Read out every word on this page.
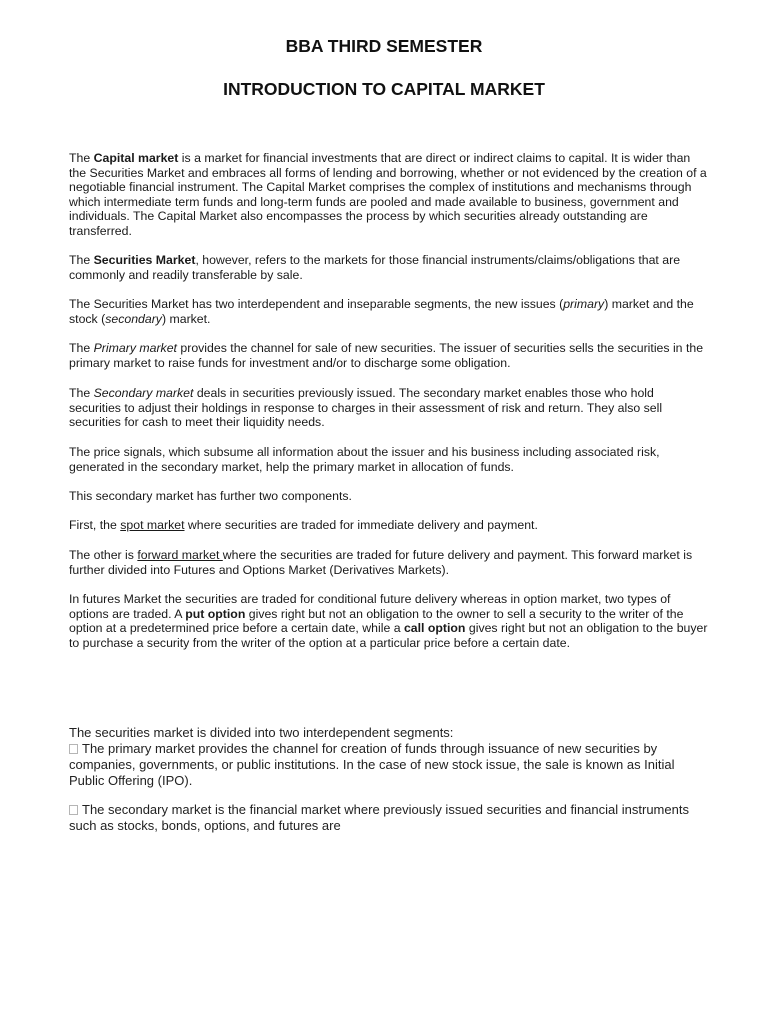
BBA THIRD SEMESTER
INTRODUCTION TO CAPITAL MARKET

The Capital market is a market for financial investments that are direct or indirect claims to capital. It is wider than the Securities Market and embraces all forms of lending and borrowing, whether or not evidenced by the creation of a negotiable financial instrument. The Capital Market comprises the complex of institutions and mechanisms through which intermediate term funds and long-term funds are pooled and made available to business, government and individuals. The Capital Market also encompasses the process by which securities already outstanding are transferred.

The Securities Market, however, refers to the markets for those financial instruments/claims/obligations that are commonly and readily transferable by sale.

The Securities Market has two interdependent and inseparable segments, the new issues (primary) market and the stock (secondary) market.

The Primary market provides the channel for sale of new securities. The issuer of securities sells the securities in the primary market to raise funds for investment and/or to discharge some obligation.

The Secondary market deals in securities previously issued. The secondary market enables those who hold securities to adjust their holdings in response to charges in their assessment of risk and return. They also sell securities for cash to meet their liquidity needs.

The price signals, which subsume all information about the issuer and his business including associated risk, generated in the secondary market, help the primary market in allocation of funds.

This secondary market has further two components.

First, the spot market where securities are traded for immediate delivery and payment.

The other is forward market where the securities are traded for future delivery and payment. This forward market is further divided into Futures and Options Market (Derivatives Markets).

In futures Market the securities are traded for conditional future delivery whereas in option market, two types of options are traded. A put option gives right but not an obligation to the owner to sell a security to the writer of the option at a predetermined price before a certain date, while a call option gives right but not an obligation to the buyer to purchase a security from the writer of the option at a particular price before a certain date.

The securities market is divided into two interdependent segments:

The primary market provides the channel for creation of funds through issuance of new securities by companies, governments, or public institutions. In the case of new stock issue, the sale is known as Initial Public Offering (IPO).

The secondary market is the financial market where previously issued securities and financial instruments such as stocks, bonds, options, and futures are
